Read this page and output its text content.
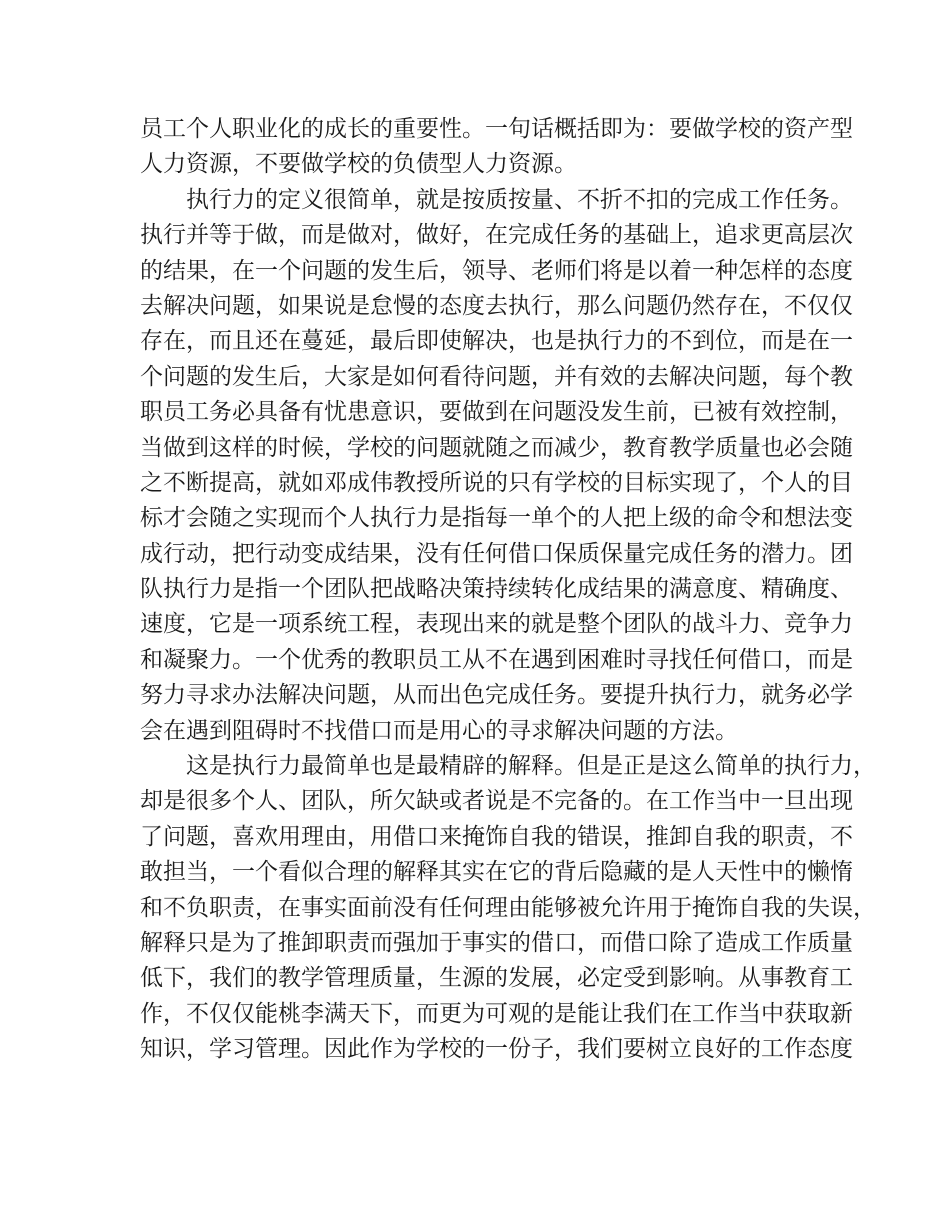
员工个人职业化的成长的重要性。一句话概括即为：要做学校的资产型
人力资源，不要做学校的负债型人力资源。
执行力的定义很简单，就是按质按量、不折不扣的完成工作任务。
执行并等于做，而是做对，做好，在完成任务的基础上，追求更高层次
的结果，在一个问题的发生后，领导、老师们将是以着一种怎样的态度
去解决问题，如果说是怠慢的态度去执行，那么问题仍然存在，不仅仅
存在，而且还在蔓延，最后即使解决，也是执行力的不到位，而是在一
个问题的发生后，大家是如何看待问题，并有效的去解决问题，每个教
职员工务必具备有忧患意识，要做到在问题没发生前，已被有效控制，
当做到这样的时候，学校的问题就随之而减少，教育教学质量也必会随
之不断提高，就如邓成伟教授所说的只有学校的目标实现了，个人的目
标才会随之实现而个人执行力是指每一单个的人把上级的命令和想法变
成行动，把行动变成结果，没有任何借口保质保量完成任务的潜力。团
队执行力是指一个团队把战略决策持续转化成结果的满意度、精确度、
速度，它是一项系统工程，表现出来的就是整个团队的战斗力、竞争力
和凝聚力。一个优秀的教职员工从不在遇到困难时寻找任何借口，而是
努力寻求办法解决问题，从而出色完成任务。要提升执行力，就务必学
会在遇到阻碍时不找借口而是用心的寻求解决问题的方法。
这是执行力最简单也是最精辟的解释。但是正是这么简单的执行力，
却是很多个人、团队，所欠缺或者说是不完备的。在工作当中一旦出现
了问题，喜欢用理由，用借口来掩饰自我的错误，推卸自我的职责，不
敢担当，一个看似合理的解释其实在它的背后隐藏的是人天性中的懒惰
和不负职责，在事实面前没有任何理由能够被允许用于掩饰自我的失误，
解释只是为了推卸职责而强加于事实的借口，而借口除了造成工作质量
低下，我们的教学管理质量，生源的发展，必定受到影响。从事教育工
作，不仅仅能桃李满天下，而更为可观的是能让我们在工作当中获取新
知识，学习管理。因此作为学校的一份子，我们要树立良好的工作态度
